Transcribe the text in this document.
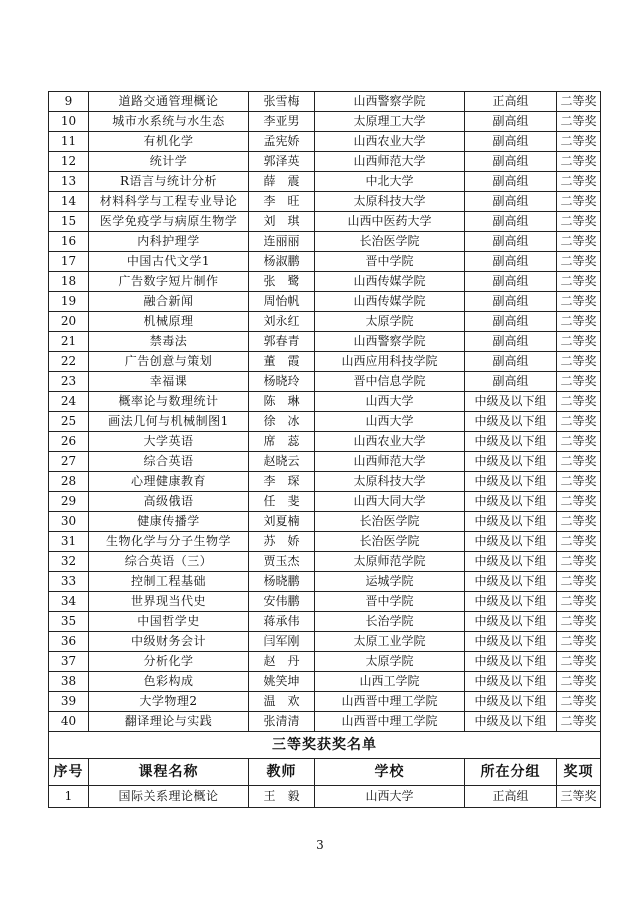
9	道路交通管理概论	张雪梅	山西警察学院	正高组	二等奖
10	城市水系统与水生态	李亚男	太原理工大学	副高组	二等奖
11	有机化学	孟宪娇	山西农业大学	副高组	二等奖
12	统计学	郭泽英	山西师范大学	副高组	二等奖
13	R语言与统计分析	薛　震	中北大学	副高组	二等奖
14	材料科学与工程专业导论	李　旺	太原科技大学	副高组	二等奖
15	医学免疫学与病原生物学	刘　琪	山西中医药大学	副高组	二等奖
16	内科护理学	连丽丽	长治医学院	副高组	二等奖
17	中国古代文学1	杨淑鹏	晋中学院	副高组	二等奖
18	广告数字短片制作	张　鹭	山西传媒学院	副高组	二等奖
19	融合新闻	周怡帆	山西传媒学院	副高组	二等奖
20	机械原理	刘永红	太原学院	副高组	二等奖
21	禁毒法	郭春青	山西警察学院	副高组	二等奖
22	广告创意与策划	董　霞	山西应用科技学院	副高组	二等奖
23	幸福课	杨晓玲	晋中信息学院	副高组	二等奖
24	概率论与数理统计	陈　琳	山西大学	中级及以下组	二等奖
25	画法几何与机械制图1	徐　冰	山西大学	中级及以下组	二等奖
26	大学英语	席　蕊	山西农业大学	中级及以下组	二等奖
27	综合英语	赵晓云	山西师范大学	中级及以下组	二等奖
28	心理健康教育	李　琛	太原科技大学	中级及以下组	二等奖
29	高级俄语	任　斐	山西大同大学	中级及以下组	二等奖
30	健康传播学	刘夏楠	长治医学院	中级及以下组	二等奖
31	生物化学与分子生物学	苏　娇	长治医学院	中级及以下组	二等奖
32	综合英语（三）	贾玉杰	太原师范学院	中级及以下组	二等奖
33	控制工程基础	杨晓鹏	运城学院	中级及以下组	二等奖
34	世界现当代史	安伟鹏	晋中学院	中级及以下组	二等奖
35	中国哲学史	蒋承伟	长治学院	中级及以下组	二等奖
36	中级财务会计	闫军刚	太原工业学院	中级及以下组	二等奖
37	分析化学	赵　丹	太原学院	中级及以下组	二等奖
38	色彩构成	姚笑坤	山西工学院	中级及以下组	二等奖
39	大学物理2	温　欢	山西晋中理工学院	中级及以下组	二等奖
40	翻译理论与实践	张清清	山西晋中理工学院	中级及以下组	二等奖
三等奖获奖名单					
序号	课程名称	教师	学校	所在分组	奖项
1	国际关系理论概论	王　毅	山西大学	正高组	三等奖
3
